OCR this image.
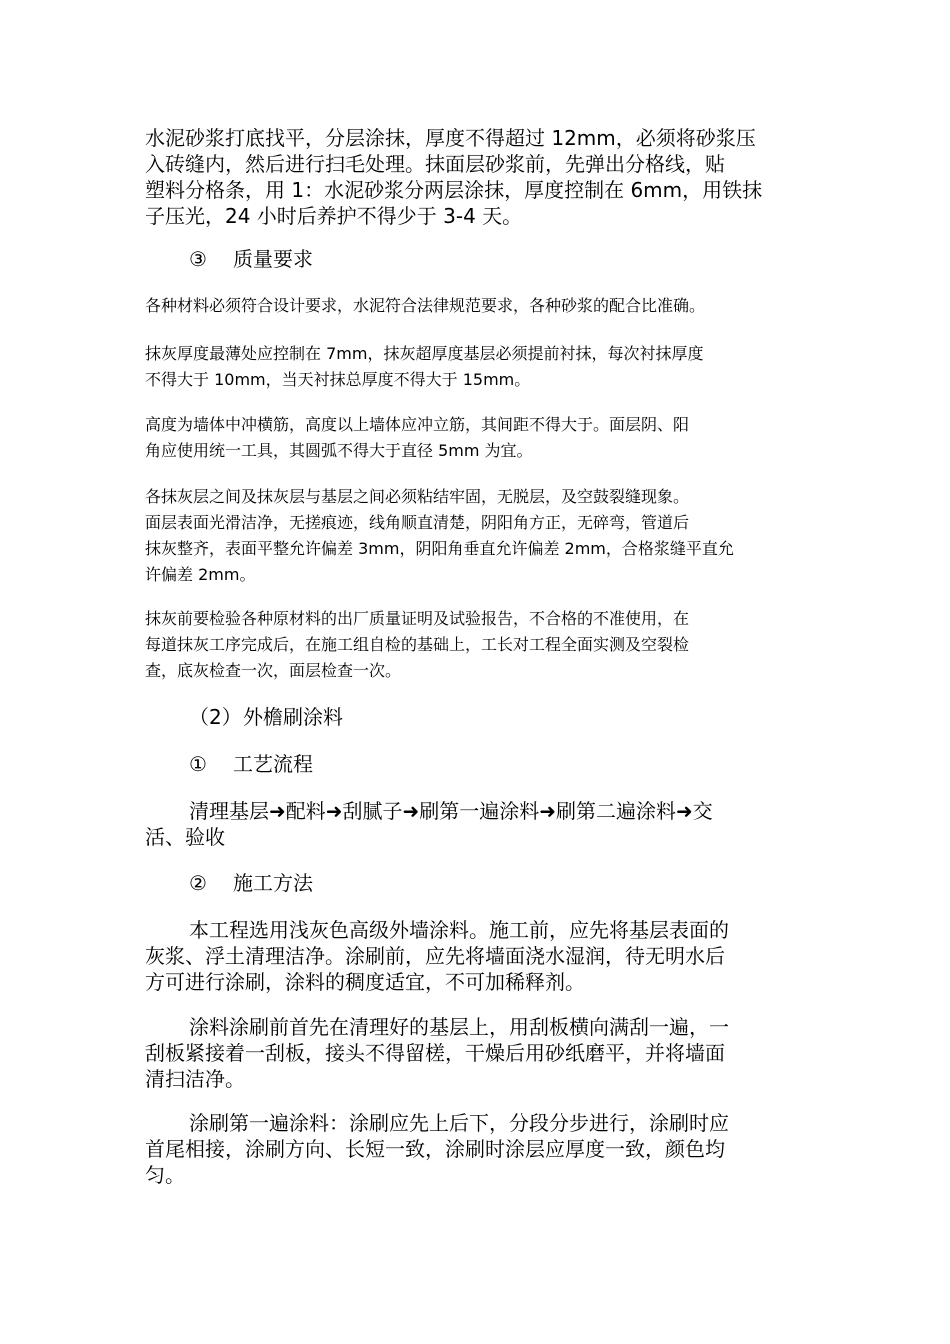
水泥砂浆打底找平，分层涂抹，厚度不得超过 12mm，必须将砂浆压
入砖缝内，然后进行扫毛处理。抹面层砂浆前，先弹出分格线，贴
塑料分格条，用 1：水泥砂浆分两层涂抹，厚度控制在 6mm，用铁抹
子压光，24 小时后养护不得少于 3-4 天。
③ 质量要求
各种材料必须符合设计要求，水泥符合法律规范要求，各种砂浆的配合比准确。
抹灰厚度最薄处应控制在 7mm，抹灰超厚度基层必须提前衬抹，每次衬抹厚度
不得大于 10mm，当天衬抹总厚度不得大于 15mm。
高度为墙体中冲横筋，高度以上墙体应冲立筋，其间距不得大于。面层阴、阳
角应使用统一工具，其圆弧不得大于直径 5mm 为宜。
各抹灰层之间及抹灰层与基层之间必须粘结牢固，无脱层，及空鼓裂缝现象。
面层表面光滑洁净，无搓痕迹，线角顺直清楚，阴阳角方正，无碎弯，管道后
抹灰整齐，表面平整允许偏差 3mm，阴阳角垂直允许偏差 2mm，合格浆缝平直允
许偏差 2mm。
抹灰前要检验各种原材料的出厂质量证明及试验报告，不合格的不准使用，在
每道抹灰工序完成后，在施工组自检的基础上，工长对工程全面实测及空裂检
查，底灰检查一次，面层检查一次。
（2）外檐刷涂料
① 工艺流程
清理基层➜配料➜刮腻子➜刷第一遍涂料➜刷第二遍涂料➜交
活、验收
② 施工方法
本工程选用浅灰色高级外墙涂料。施工前，应先将基层表面的
灰浆、浮土清理洁净。涂刷前，应先将墙面浇水湿润，待无明水后
方可进行涂刷，涂料的稠度适宜，不可加稀释剂。
涂料涂刷前首先在清理好的基层上，用刮板横向满刮一遍，一
刮板紧接着一刮板，接头不得留槎，干燥后用砂纸磨平，并将墙面
清扫洁净。
涂刷第一遍涂料：涂刷应先上后下，分段分步进行，涂刷时应
首尾相接，涂刷方向、长短一致，涂刷时涂层应厚度一致，颜色均
匀。
